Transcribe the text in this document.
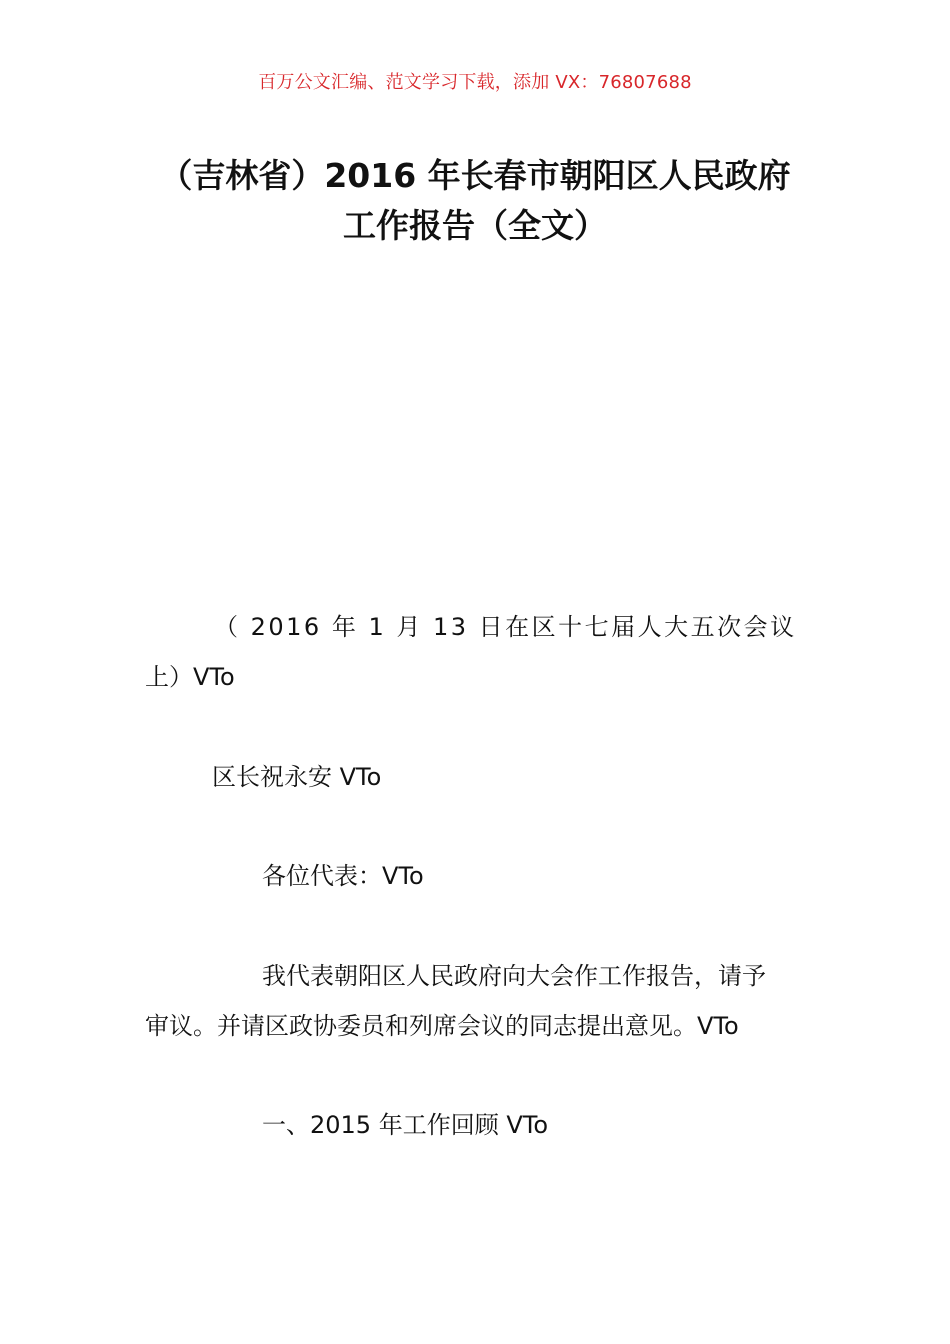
百万公文汇编、范文学习下载，添加 VX：76807688
（吉林省）2016 年长春市朝阳区人民政府
工作报告（全文）
（ 2016 年 1 月 13 日在区十七届人大五次会议
上）VTo
区长祝永安 VTo
各位代表：VTo
我代表朝阳区人民政府向大会作工作报告，请予
审议。并请区政协委员和列席会议的同志提出意见。VTo
一、2015 年工作回顾 VTo
